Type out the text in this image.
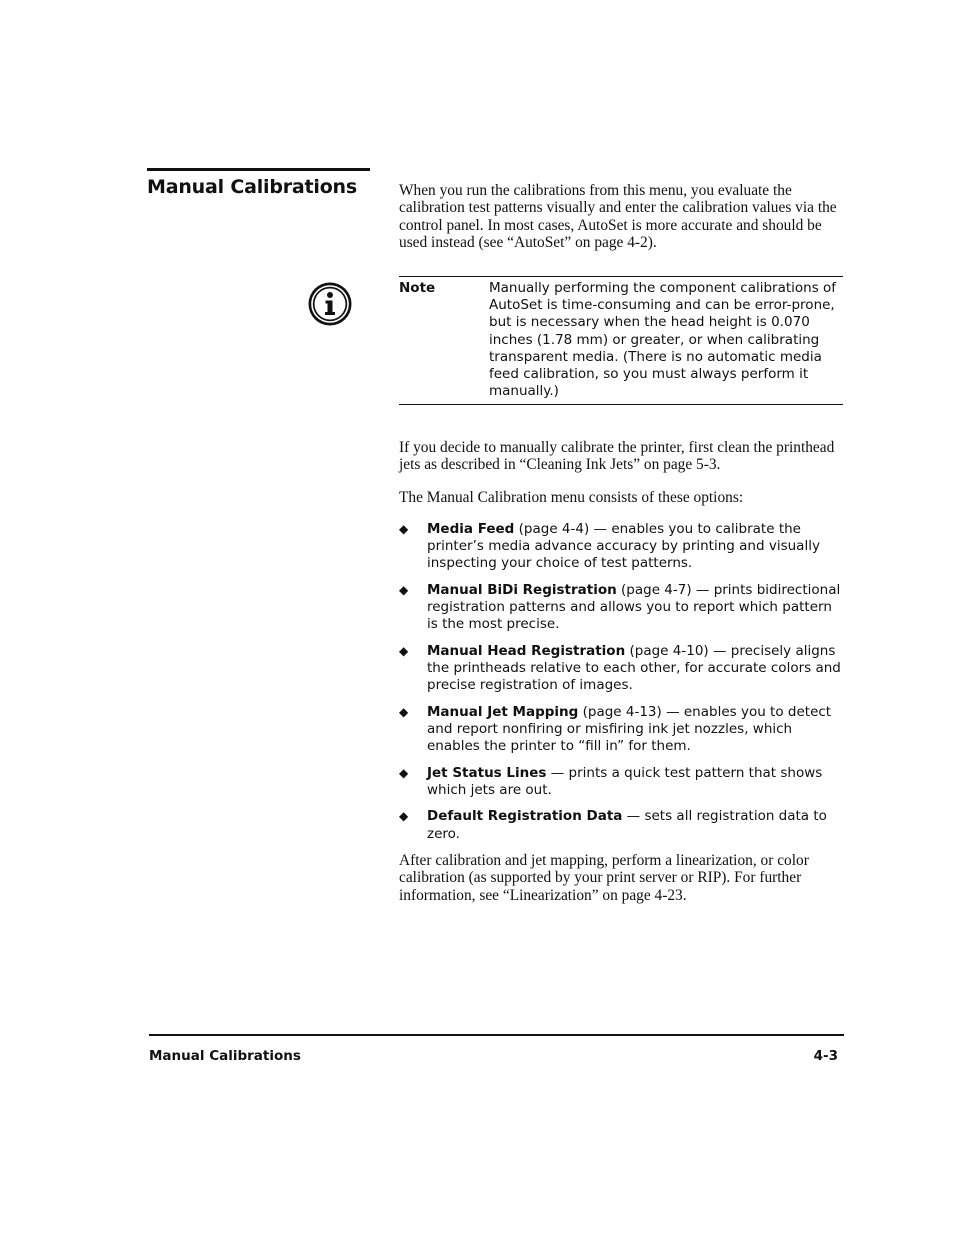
Manual Calibrations	When you run the calibrations from this menu, you evaluate the calibration test patterns visually and enter the calibration values via the control panel. In most cases, AutoSet is more accurate and should be used instead (see “AutoSet” on page 4-2).

Note	Manually performing the component calibrations of AutoSet is time-consuming and can be error-prone, but is necessary when the head height is 0.070 inches (1.78 mm) or greater, or when calibrating transparent media. (There is no automatic media feed calibration, so you must always perform it manually.)

If you decide to manually calibrate the printer, first clean the printhead jets as described in “Cleaning Ink Jets” on page 5-3.

The Manual Calibration menu consists of these options:

◆ Media Feed (page 4-4) — enables you to calibrate the printer’s media advance accuracy by printing and visually inspecting your choice of test patterns.
◆ Manual BiDi Registration (page 4-7) — prints bidirectional registration patterns and allows you to report which pattern is the most precise.
◆ Manual Head Registration (page 4-10) — precisely aligns the printheads relative to each other, for accurate colors and precise registration of images.
◆ Manual Jet Mapping (page 4-13) — enables you to detect and report nonfiring or misfiring ink jet nozzles, which enables the printer to “fill in” for them.
◆ Jet Status Lines — prints a quick test pattern that shows which jets are out.
◆ Default Registration Data — sets all registration data to zero.

After calibration and jet mapping, perform a linearization, or color calibration (as supported by your print server or RIP). For further information, see “Linearization” on page 4-23.

Manual Calibrations	4-3
